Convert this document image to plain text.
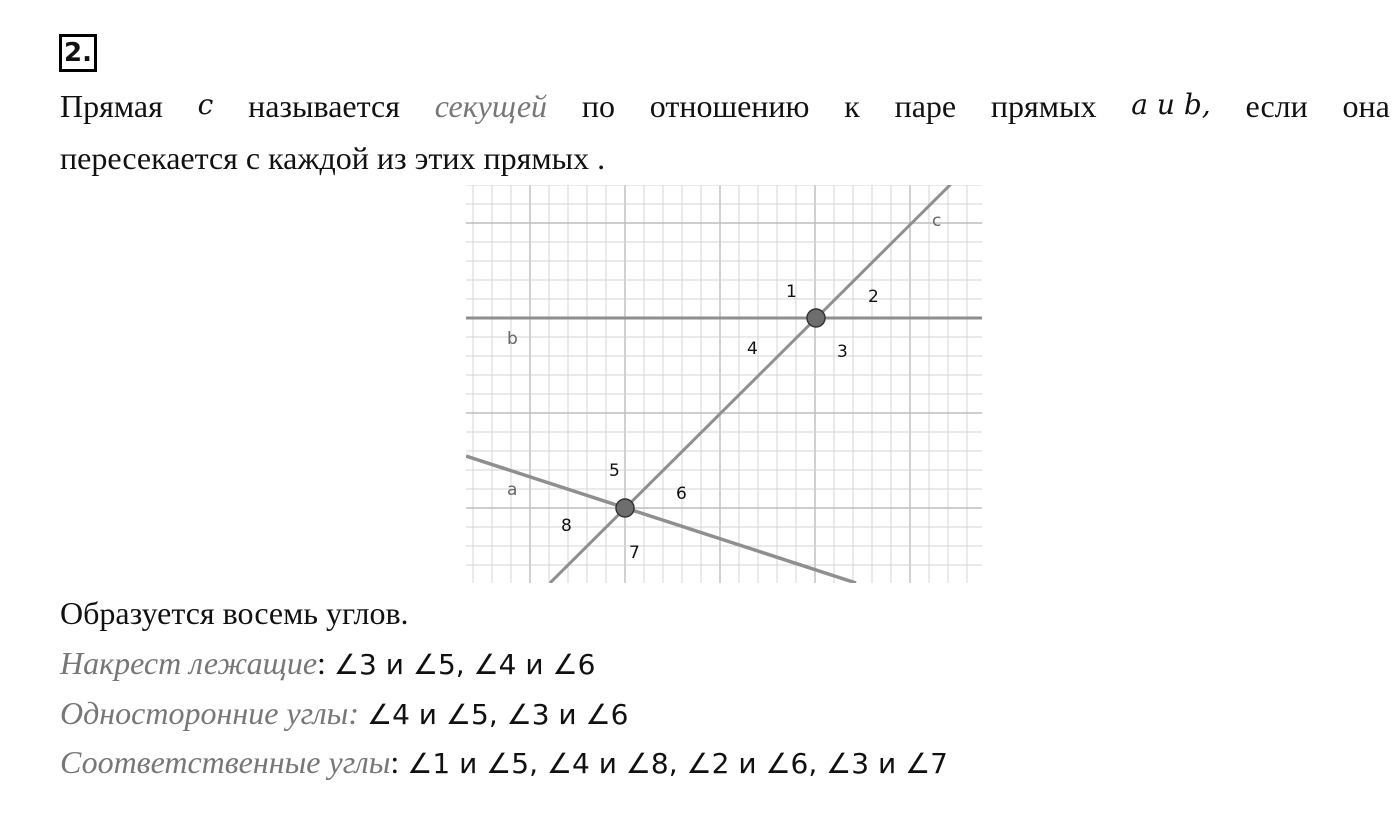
2.
Прямая c называется секущей по отношению к паре прямых a и b, если она
пересекается с каждой из этих прямых .
c
b
a
1	2
3
4
5
6
7
8
Образуется восемь углов.
Накрест лежащие: ∠3 и ∠5, ∠4 и ∠6
Односторонние углы: ∠4 и ∠5, ∠3 и ∠6
Соответственные углы: ∠1 и ∠5, ∠4 и ∠8, ∠2 и ∠6, ∠3 и ∠7
